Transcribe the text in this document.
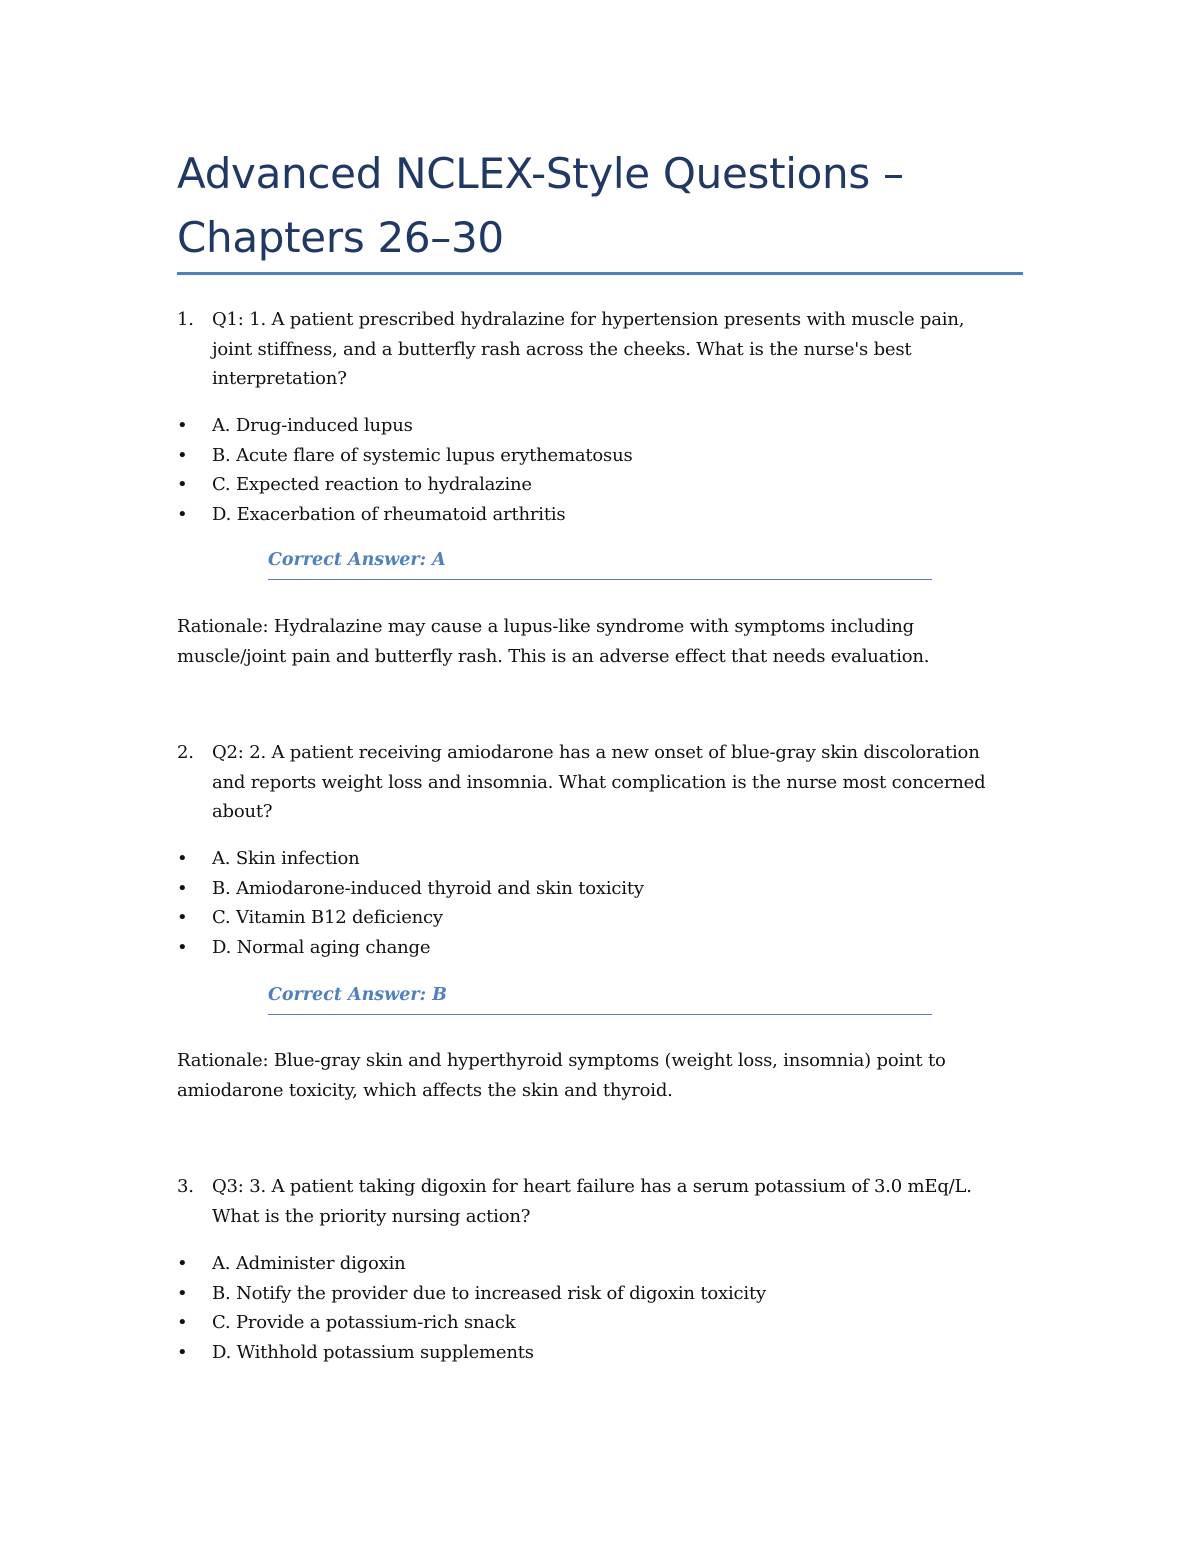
Advanced NCLEX-Style Questions – Chapters 26–30
1. Q1: 1. A patient prescribed hydralazine for hypertension presents with muscle pain, joint stiffness, and a butterfly rash across the cheeks. What is the nurse's best interpretation?
• A. Drug-induced lupus
• B. Acute flare of systemic lupus erythematosus
• C. Expected reaction to hydralazine
• D. Exacerbation of rheumatoid arthritis
Correct Answer: A
Rationale: Hydralazine may cause a lupus-like syndrome with symptoms including muscle/joint pain and butterfly rash. This is an adverse effect that needs evaluation.
2. Q2: 2. A patient receiving amiodarone has a new onset of blue-gray skin discoloration and reports weight loss and insomnia. What complication is the nurse most concerned about?
• A. Skin infection
• B. Amiodarone-induced thyroid and skin toxicity
• C. Vitamin B12 deficiency
• D. Normal aging change
Correct Answer: B
Rationale: Blue-gray skin and hyperthyroid symptoms (weight loss, insomnia) point to amiodarone toxicity, which affects the skin and thyroid.
3. Q3: 3. A patient taking digoxin for heart failure has a serum potassium of 3.0 mEq/L. What is the priority nursing action?
• A. Administer digoxin
• B. Notify the provider due to increased risk of digoxin toxicity
• C. Provide a potassium-rich snack
• D. Withhold potassium supplements
